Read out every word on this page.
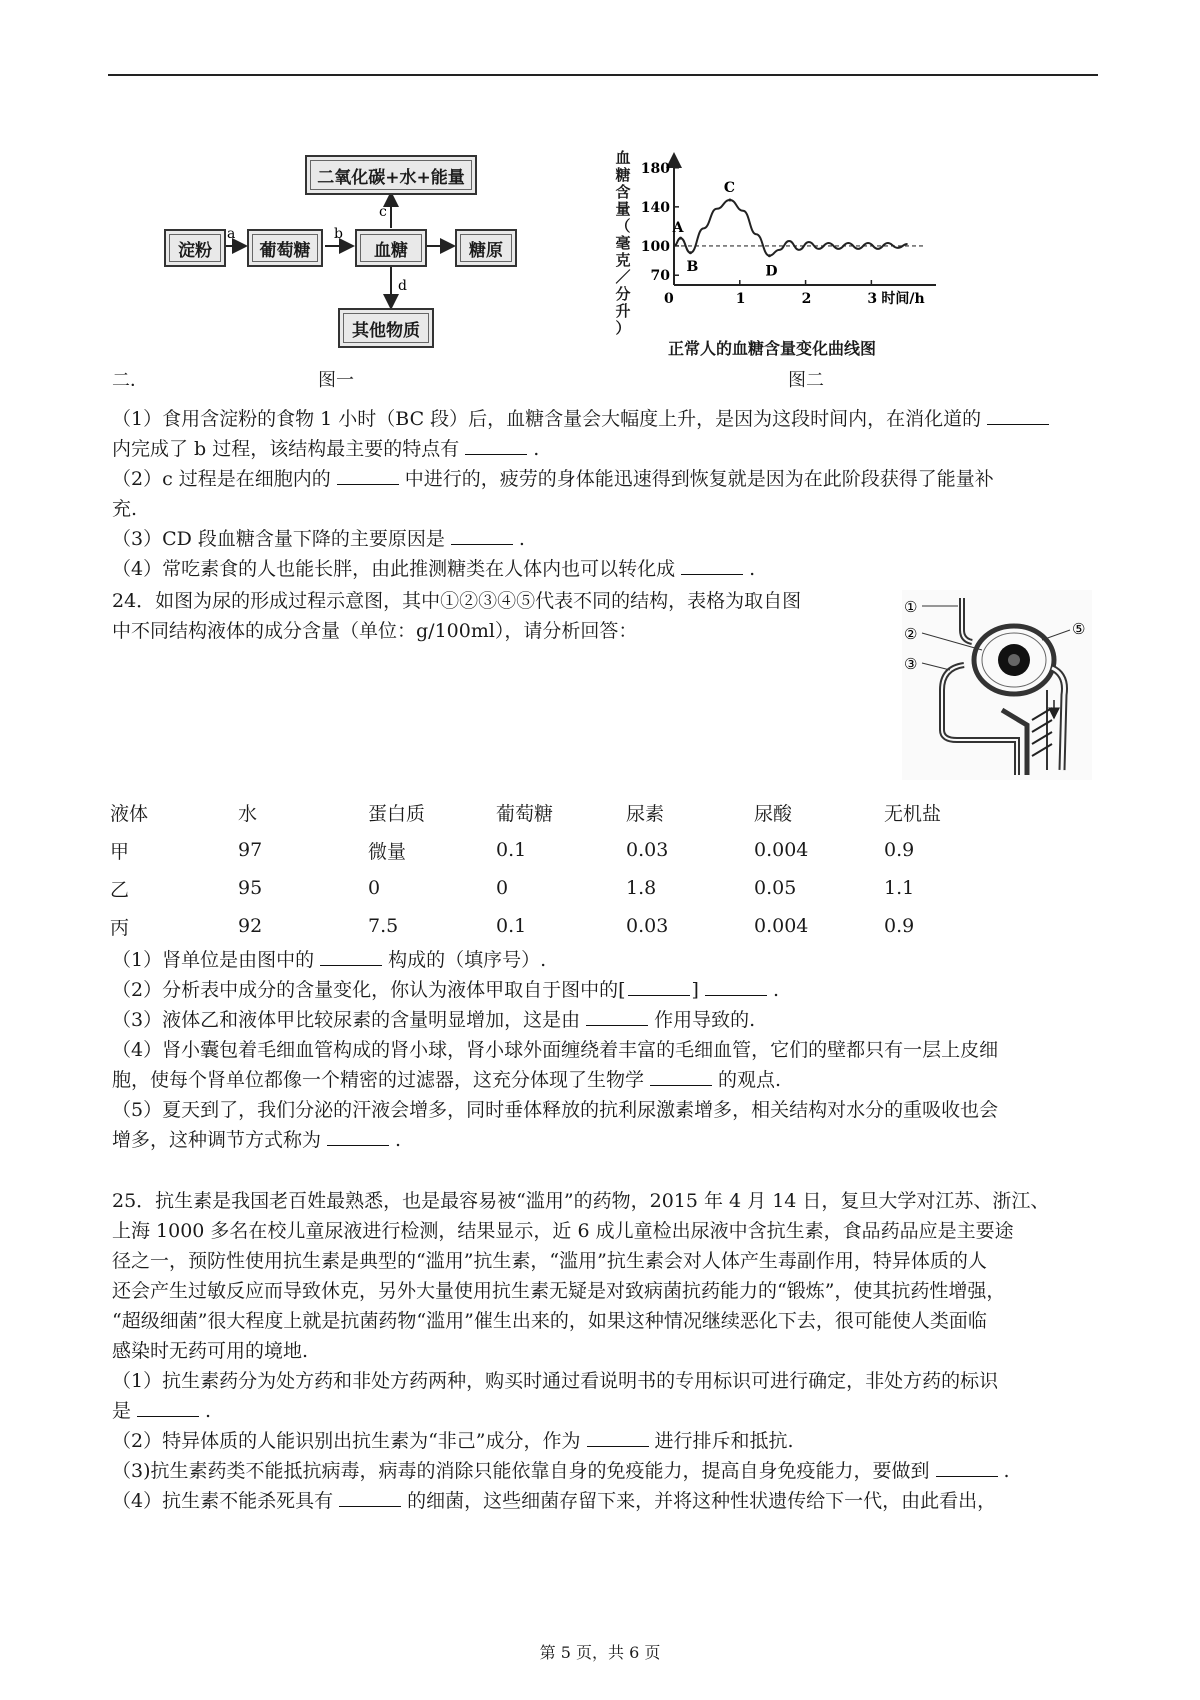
a	b
c
d
二氧化碳+水+能量
淀粉	葡萄糖	血糖	糖原
其他物质
图一
血
糖
含
量
（
毫
克
／
分
升
）
70
100
140
180
0	1	2	3 时间/h
A
B
C
D
正常人的血糖含量变化曲线图
图二
二．
（1）食用含淀粉的食物 1 小时（BC 段）后，血糖含量会大幅度上升，是因为这段时间内，在消化道的
内完成了 b 过程，该结构最主要的特点有	.
（2）c 过程是在细胞内的	中进行的，疲劳的身体能迅速得到恢复就是因为在此阶段获得了能量补
充.
（3）CD 段血糖含量下降的主要原因是	.
（4）常吃素食的人也能长胖，由此推测糖类在人体内也可以转化成	.
24．如图为尿的形成过程示意图，其中①②③④⑤代表不同的结构，表格为取自图
中不同结构液体的成分含量（单位：g/100ml），请分析回答：
①
②
③
⑤
液体	水	蛋白质	葡萄糖	尿素	尿酸	无机盐
甲	97	微量	0.1	0.03	0.004	0.9
乙	95	0	0	1.8	0.05	1.1
丙	92	7.5	0.1	0.03	0.004	0.9
（1）肾单位是由图中的	构成的（填序号）.
（2）分析表中成分的含量变化，你认为液体甲取自于图中的[	]	.
（3）液体乙和液体甲比较尿素的含量明显增加，这是由	作用导致的.
（4）肾小囊包着毛细血管构成的肾小球，肾小球外面缠绕着丰富的毛细血管，它们的壁都只有一层上皮细
胞，使每个肾单位都像一个精密的过滤器，这充分体现了生物学	的观点.
（5）夏天到了，我们分泌的汗液会增多，同时垂体释放的抗利尿激素增多，相关结构对水分的重吸收也会
增多，这种调节方式称为	.
25．抗生素是我国老百姓最熟悉，也是最容易被“滥用”的药物，2015 年 4 月 14 日，复旦大学对江苏、浙江、
上海 1000 多名在校儿童尿液进行检测，结果显示，近 6 成儿童检出尿液中含抗生素，食品药品应是主要途
径之一，预防性使用抗生素是典型的“滥用”抗生素，“滥用”抗生素会对人体产生毒副作用，特异体质的人
还会产生过敏反应而导致休克，另外大量使用抗生素无疑是对致病菌抗药能力的“锻炼”，使其抗药性增强，
“超级细菌”很大程度上就是抗菌药物“滥用”催生出来的，如果这种情况继续恶化下去，很可能使人类面临
感染时无药可用的境地.
（1）抗生素药分为处方药和非处方药两种，购买时通过看说明书的专用标识可进行确定，非处方药的标识
是	.
（2）特异体质的人能识别出抗生素为“非己”成分，作为	进行排斥和抵抗.
（3)抗生素药类不能抵抗病毒，病毒的消除只能依靠自身的免疫能力，提高自身免疫能力，要做到	.
（4）抗生素不能杀死具有	的细菌，这些细菌存留下来，并将这种性状遗传给下一代，由此看出，
第 5 页，共 6 页
